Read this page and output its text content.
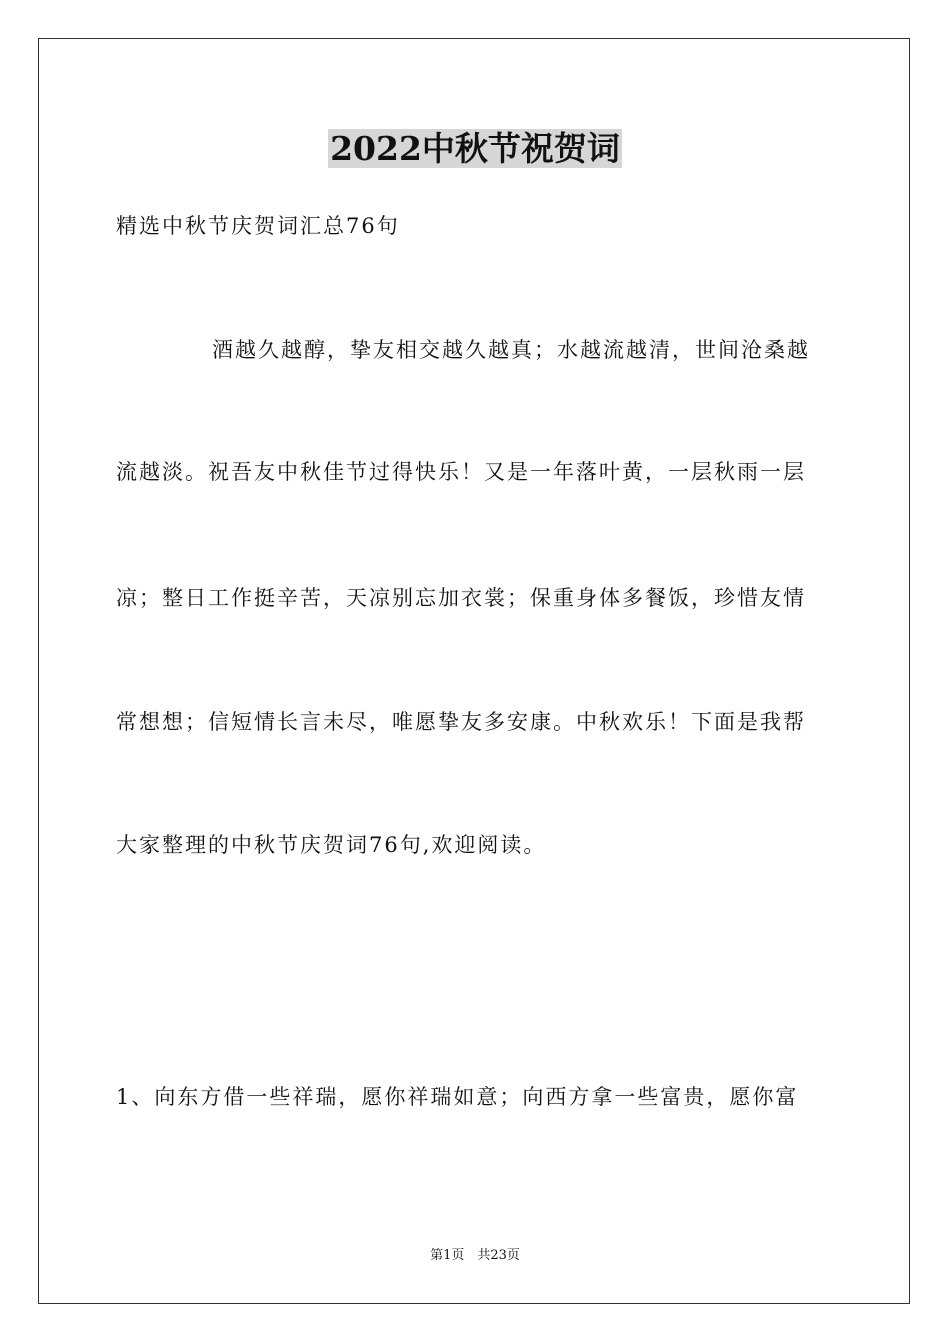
2022中秋节祝贺词
精选中秋节庆贺词汇总76句
酒越久越醇，挚友相交越久越真；水越流越清，世间沧桑越
流越淡。祝吾友中秋佳节过得快乐！又是一年落叶黄，一层秋雨一层
凉；整日工作挺辛苦，天凉别忘加衣裳；保重身体多餐饭，珍惜友情
常想想；信短情长言未尽，唯愿挚友多安康。中秋欢乐！下面是我帮
大家整理的中秋节庆贺词76句,欢迎阅读。
1、向东方借一些祥瑞，愿你祥瑞如意；向西方拿一些富贵，愿你富
第1页　共23页
